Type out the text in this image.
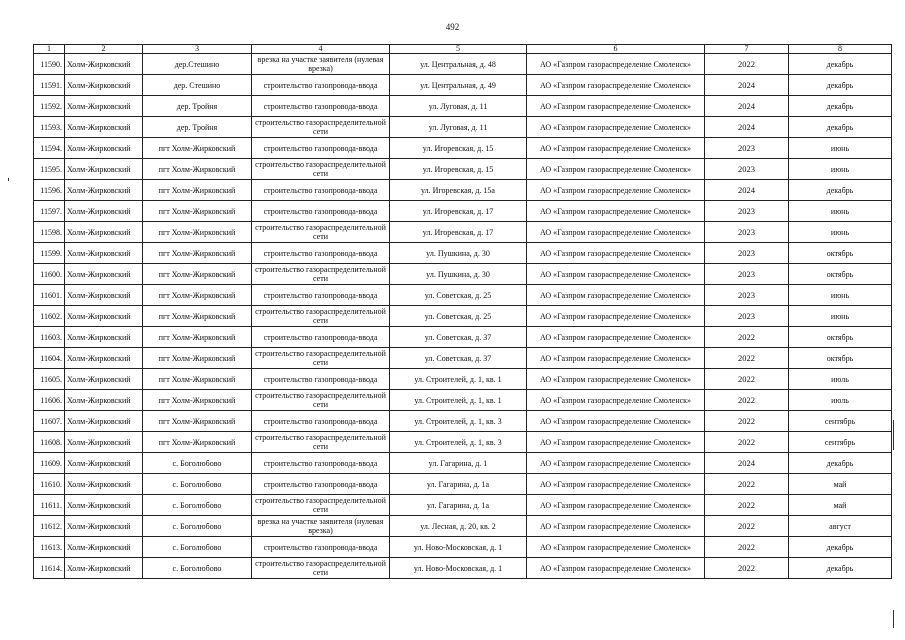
492
1	2	3	4	5	6	7	8
11590.	Холм-Жирковский	дер.Стешино	врезка на участке заявителя (нулевая врезка)	ул. Центральная, д. 48	АО «Газпром газораспределение Смоленск»	2022	декабрь
11591.	Холм-Жирковский	дер. Стешино	строительство газопровода-ввода	ул. Центральная, д. 49	АО «Газпром газораспределение Смоленск»	2024	декабрь
11592.	Холм-Жирковский	дер. Тройня	строительство газопровода-ввода	ул. Луговая, д. 11	АО «Газпром газораспределение Смоленск»	2024	декабрь
11593.	Холм-Жирковский	дер. Тройня	строительство газораспределительной сети	ул. Луговая, д. 11	АО «Газпром газораспределение Смоленск»	2024	декабрь
11594.	Холм-Жирковский	пгт Холм-Жирковский	строительство газопровода-ввода	ул. Игоревская, д. 15	АО «Газпром газораспределение Смоленск»	2023	июнь
11595.	Холм-Жирковский	пгт Холм-Жирковский	строительство газораспределительной сети	ул. Игоревская, д. 15	АО «Газпром газораспределение Смоленск»	2023	июнь
11596.	Холм-Жирковский	пгт Холм-Жирковский	строительство газопровода-ввода	ул. Игоревская, д. 15а	АО «Газпром газораспределение Смоленск»	2024	декабрь
11597.	Холм-Жирковский	пгт Холм-Жирковский	строительство газопровода-ввода	ул. Игоревская, д. 17	АО «Газпром газораспределение Смоленск»	2023	июнь
11598.	Холм-Жирковский	пгт Холм-Жирковский	строительство газораспределительной сети	ул. Игоревская, д. 17	АО «Газпром газораспределение Смоленск»	2023	июнь
11599.	Холм-Жирковский	пгт Холм-Жирковский	строительство газопровода-ввода	ул. Пушкина, д. 30	АО «Газпром газораспределение Смоленск»	2023	октябрь
11600.	Холм-Жирковский	пгт Холм-Жирковский	строительство газораспределительной сети	ул. Пушкина, д. 30	АО «Газпром газораспределение Смоленск»	2023	октябрь
11601.	Холм-Жирковский	пгт Холм-Жирковский	строительство газопровода-ввода	ул. Советская, д. 25	АО «Газпром газораспределение Смоленск»	2023	июнь
11602.	Холм-Жирковский	пгт Холм-Жирковский	строительство газораспределительной сети	ул. Советская, д. 25	АО «Газпром газораспределение Смоленск»	2023	июнь
11603.	Холм-Жирковский	пгт Холм-Жирковский	строительство газопровода-ввода	ул. Советская, д. 37	АО «Газпром газораспределение Смоленск»	2022	октябрь
11604.	Холм-Жирковский	пгт Холм-Жирковский	строительство газораспределительной сети	ул. Советская, д. 37	АО «Газпром газораспределение Смоленск»	2022	октябрь
11605.	Холм-Жирковский	пгт Холм-Жирковский	строительство газопровода-ввода	ул. Строителей, д. 1, кв. 1	АО «Газпром газораспределение Смоленск»	2022	июль
11606.	Холм-Жирковский	пгт Холм-Жирковский	строительство газораспределительной сети	ул. Строителей, д. 1, кв. 1	АО «Газпром газораспределение Смоленск»	2022	июль
11607.	Холм-Жирковский	пгт Холм-Жирковский	строительство газопровода-ввода	ул. Строителей, д. 1, кв. 3	АО «Газпром газораспределение Смоленск»	2022	сентябрь
11608.	Холм-Жирковский	пгт Холм-Жирковский	строительство газораспределительной сети	ул. Строителей, д. 1, кв. 3	АО «Газпром газораспределение Смоленск»	2022	сентябрь
11609.	Холм-Жирковский	с. Боголюбово	строительство газопровода-ввода	ул. Гагарина, д. 1	АО «Газпром газораспределение Смоленск»	2024	декабрь
11610.	Холм-Жирковский	с. Боголюбово	строительство газопровода-ввода	ул. Гагарина, д. 1а	АО «Газпром газораспределение Смоленск»	2022	май
11611.	Холм-Жирковский	с. Боголюбово	строительство газораспределительной сети	ул. Гагарина, д. 1а	АО «Газпром газораспределение Смоленск»	2022	май
11612.	Холм-Жирковский	с. Боголюбово	врезка на участке заявителя (нулевая врезка)	ул. Лесная, д. 20, кв. 2	АО «Газпром газораспределение Смоленск»	2022	август
11613.	Холм-Жирковский	с. Боголюбово	строительство газопровода-ввода	ул. Ново-Московская, д. 1	АО «Газпром газораспределение Смоленск»	2022	декабрь
11614.	Холм-Жирковский	с. Боголюбово	строительство газораспределительной сети	ул. Ново-Московская, д. 1	АО «Газпром газораспределение Смоленск»	2022	декабрь
